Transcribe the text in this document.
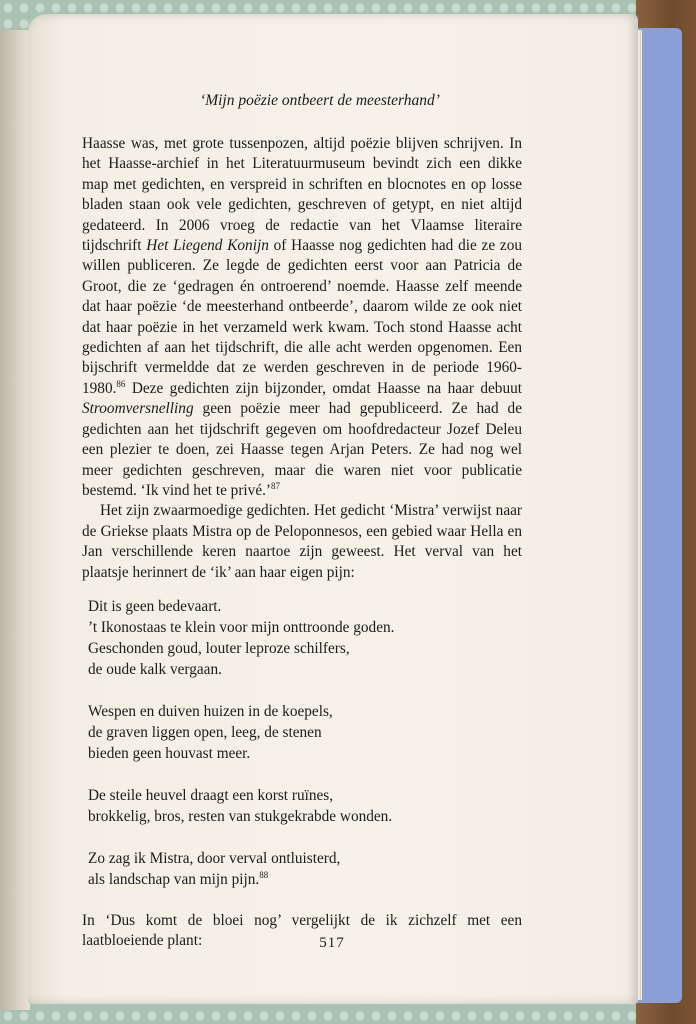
517
‘Mijn poëzie ontbeert de meesterhand’

Haasse was, met grote tussenpozen, altijd poëzie blijven schrijven. In het Haasse-archief in het Literatuurmuseum bevindt zich een dikke map met gedichten, en verspreid in schriften en blocnotes en op losse bladen staan ook vele gedichten, geschreven of getypt, en niet altijd gedateerd. In 2006 vroeg de redactie van het Vlaamse literaire tijdschrift Het Liegend Konijn of Haasse nog gedichten had die ze zou willen publiceren. Ze legde de gedichten eerst voor aan Patricia de Groot, die ze ‘gedragen én ontroerend’ noemde. Haasse zelf meende dat haar poëzie ‘de meesterhand ontbeerde’, daarom wilde ze ook niet dat haar poëzie in het verzameld werk kwam. Toch stond Haasse acht gedichten af aan het tijdschrift, die alle acht werden opgenomen. Een bijschrift vermeldde dat ze werden geschreven in de periode 1960-1980.86 Deze gedichten zijn bijzonder, omdat Haasse na haar debuut Stroomversnelling geen poëzie meer had gepubliceerd. Ze had de gedichten aan het tijdschrift gegeven om hoofdredacteur Jozef Deleu een plezier te doen, zei Haasse tegen Arjan Peters. Ze had nog wel meer gedichten geschreven, maar die waren niet voor publicatie bestemd. ‘Ik vind het te privé.’$^{87}$

Het zijn zwaarmoedige gedichten. Het gedicht ‘Mistra’ verwijst naar de Griekse plaats Mistra op de Peloponnesos, een gebied waar Hella en Jan verschillende keren naartoe zijn geweest. Het verval van het plaatsje herinnert de ‘ik’ aan haar eigen pijn:

Dit is geen bedevaart.
’t Ikonostaas te klein voor mijn onttroonde goden.
Geschonden goud, louter leproze schilfers,
de oude kalk vergaan.
Wespen en duiven huizen in de koepels,
de graven liggen open, leeg, de stenen
bieden geen houvast meer.
De steile heuvel draagt een korst ruïnes,
brokkelig, bros, resten van stukgekrabde wonden.
Zo zag ik Mistra, door verval ontluisterd,
als landschap van mijn pijn.$^{88}$

In ‘Dus komt de bloei nog’ vergelijkt de ik zichzelf met een laatbloeiende plant:
